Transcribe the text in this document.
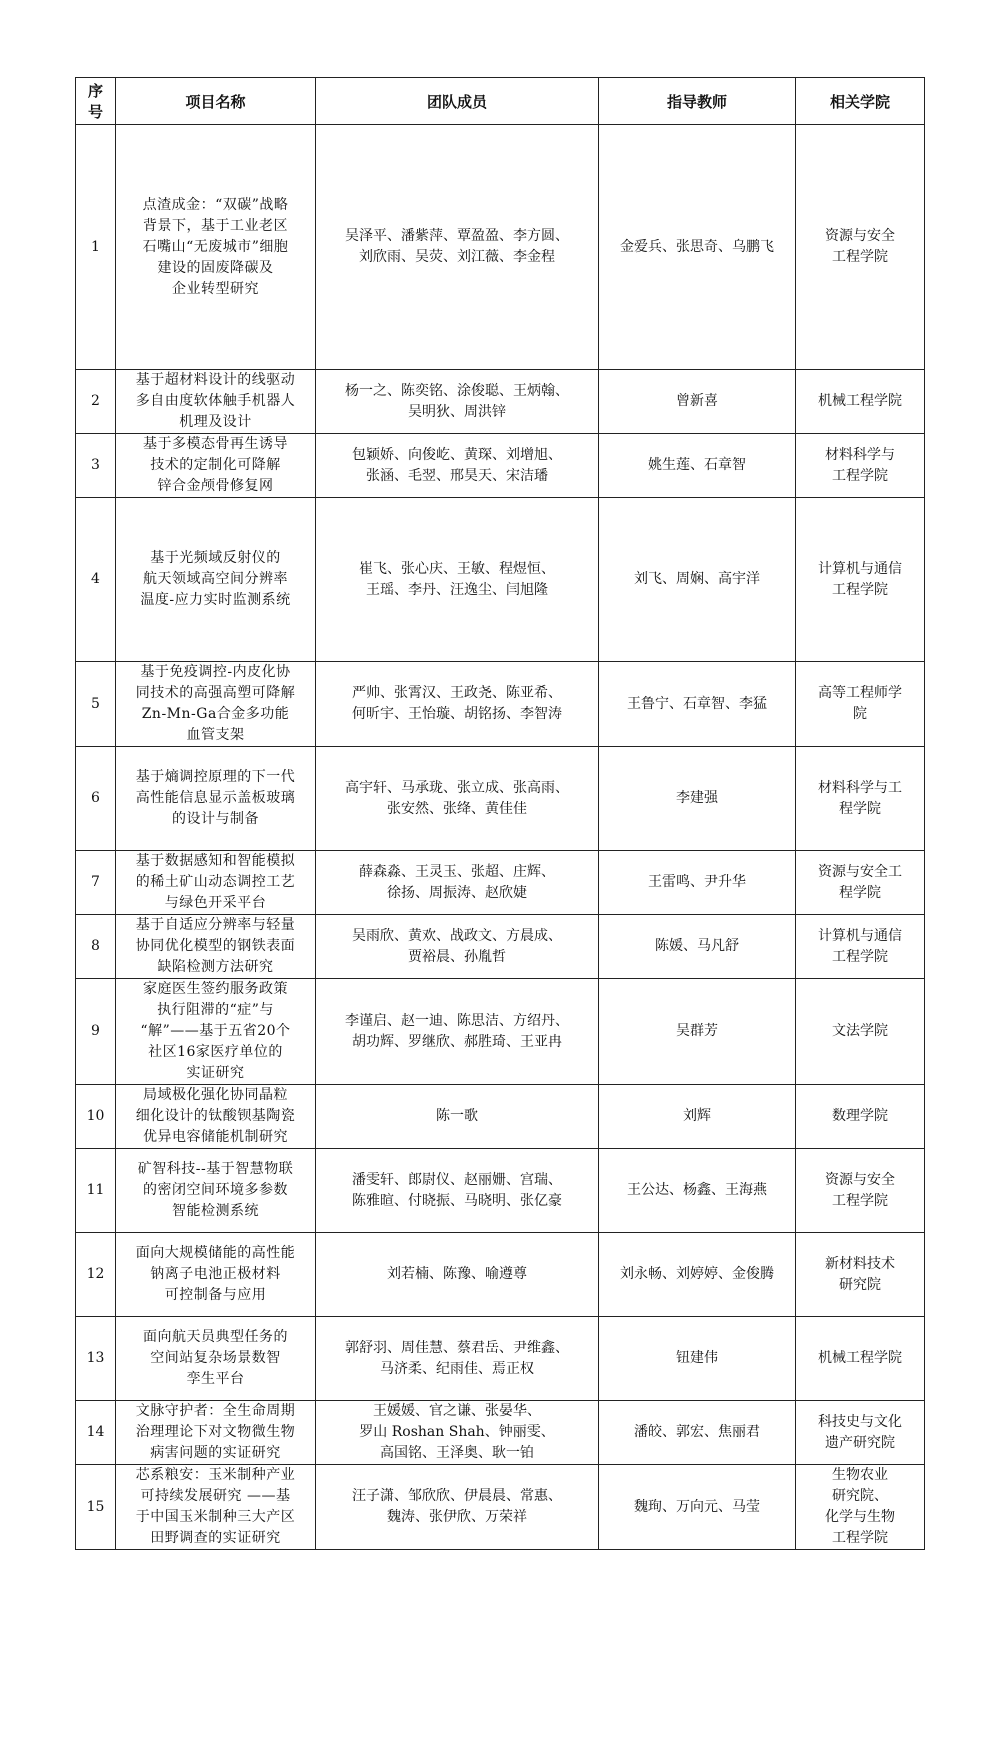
序号	项目名称	团队成员	指导教师	相关学院

1	点渣成金：“双碳”战略
背景下，基于工业老区
石嘴山“无废城市”细胞
建设的固废降碳及
企业转型研究	吴泽平、潘紫萍、覃盈盈、李方圆、
刘欣雨、吴荧、刘江薇、李金程	金爱兵、张思奇、乌鹏飞	资源与安全
工程学院

2	基于超材料设计的线驱动
多自由度软体触手机器人
机理及设计	杨一之、陈奕铭、涂俊聪、王炳翰、
吴明狄、周洪锌	曾新喜	机械工程学院

3	基于多模态骨再生诱导
技术的定制化可降解
锌合金颅骨修复网	包颖娇、向俊屹、黄琛、刘增旭、
张涵、毛翌、邢昊天、宋洁璠	姚生莲、石章智	材料科学与
工程学院

4	基于光频域反射仪的
航天领域高空间分辨率
温度-应力实时监测系统	崔飞、张心庆、王敏、程煜恒、
王瑶、李丹、汪逸尘、闫旭隆	刘飞、周娴、高宇洋	计算机与通信
工程学院

5	基于免疫调控-内皮化协
同技术的高强高塑可降解
Zn-Mn-Ga合金多功能
血管支架	严帅、张霄汉、王政尧、陈亚希、
何昕宇、王怡璇、胡铭扬、李智涛	王鲁宁、石章智、李猛	高等工程师学
院

6	基于熵调控原理的下一代
高性能信息显示盖板玻璃
的设计与制备	高宇轩、马承珑、张立成、张高雨、
张安然、张绛、黄佳佳	李建强	材料科学与工
程学院

7	基于数据感知和智能模拟
的稀土矿山动态调控工艺
与绿色开采平台	薛森淼、王灵玉、张超、庄辉、
徐扬、周振涛、赵欣婕	王雷鸣、尹升华	资源与安全工
程学院

8	基于自适应分辨率与轻量
协同优化模型的钢铁表面
缺陷检测方法研究	吴雨欣、黄欢、战政文、方晨成、
贾裕晨、孙胤哲	陈媛、马凡舒	计算机与通信
工程学院

9	家庭医生签约服务政策
执行阻滞的“症”与
“解”——基于五省20个
社区16家医疗单位的
实证研究	李谨启、赵一迪、陈思洁、方绍丹、
胡功辉、罗继欣、郝胜琦、王亚冉	吴群芳	文法学院

10	局域极化强化协同晶粒
细化设计的钛酸钡基陶瓷
优异电容储能机制研究	陈一歌	刘辉	数理学院

11	矿智科技--基于智慧物联
的密闭空间环境多参数
智能检测系统	潘雯轩、郎尉仪、赵丽姗、宫瑞、
陈雅暄、付晓振、马晓明、张亿豪	王公达、杨鑫、王海燕	资源与安全
工程学院

12	面向大规模储能的高性能
钠离子电池正极材料
可控制备与应用	刘若楠、陈豫、喻遵尊	刘永畅、刘婷婷、金俊腾	新材料技术
研究院

13	面向航天员典型任务的
空间站复杂场景数智
孪生平台	郭舒羽、周佳慧、蔡君岳、尹维鑫、
马济柔、纪雨佳、焉正权	钮建伟	机械工程学院

14	文脉守护者：全生命周期
治理理论下对文物微生物
病害问题的实证研究	王媛媛、官之谦、张晏华、
罗山 Roshan Shah、钟丽雯、
高国铭、王泽奥、耿一铂	潘皎、郭宏、焦丽君	科技史与文化
遗产研究院

15	芯系粮安：玉米制种产业
可持续发展研究 ——基
于中国玉米制种三大产区
田野调查的实证研究	汪子潇、邹欣欣、伊晨晨、常惠、
魏涛、张伊欣、万荣祥	魏珣、万向元、马莹	生物农业
研究院、
化学与生物
工程学院
